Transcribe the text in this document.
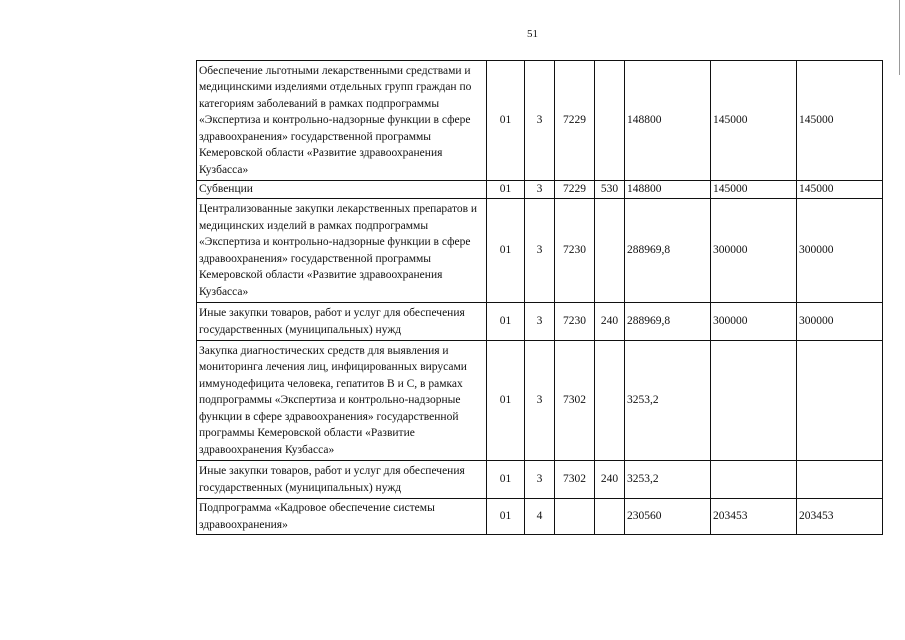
51
Обеспечение льготными лекарственными средствами и медицинскими изделиями отдельных групп граждан по категориям заболеваний в рамках подпрограммы «Экспертиза и контрольно-надзорные функции в сфере здравоохранения» государственной программы Кемеровской области «Развитие здравоохранения Кузбасса»	01	3	7229		148800	145000	145000
Субвенции	01	3	7229	530	148800	145000	145000
Централизованные закупки лекарственных препаратов и медицинских изделий в рамках подпрограммы «Экспертиза и контрольно-надзорные функции в сфере здравоохранения» государственной программы Кемеровской области «Развитие здравоохранения Кузбасса»	01	3	7230		288969,8	300000	300000
Иные закупки товаров, работ и услуг для обеспечения государственных (муниципальных) нужд	01	3	7230	240	288969,8	300000	300000
Закупка диагностических средств для выявления и мониторинга лечения лиц, инфицированных вирусами иммунодефицита человека, гепатитов В и С, в рамках подпрограммы «Экспертиза и контрольно-надзорные функции в сфере здравоохранения» государственной программы Кемеровской области «Развитие здравоохранения Кузбасса»	01	3	7302		3253,2		
Иные закупки товаров, работ и услуг для обеспечения государственных (муниципальных) нужд	01	3	7302	240	3253,2		
Подпрограмма «Кадровое обеспечение системы здравоохранения»	01	4			230560	203453	203453
